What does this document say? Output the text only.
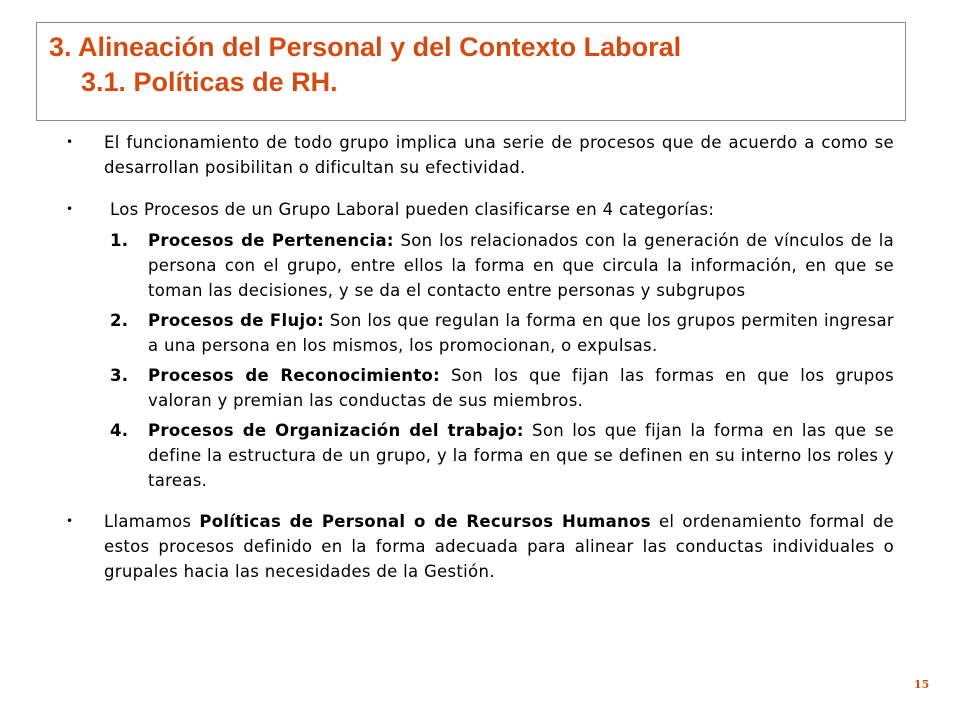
3. Alineación del Personal y del Contexto Laboral
3.1. Políticas de RH.
• El funcionamiento de todo grupo implica una serie de procesos que de acuerdo a como se desarrollan posibilitan o dificultan su efectividad.
• Los Procesos de un Grupo Laboral pueden clasificarse en 4 categorías:
1. Procesos de Pertenencia: Son los relacionados con la generación de vínculos de la persona con el grupo, entre ellos la forma en que circula la información, en que se toman las decisiones, y se da el contacto entre personas y subgrupos
2. Procesos de Flujo: Son los que regulan la forma en que los grupos permiten ingresar a una persona en los mismos, los promocionan, o expulsas.
3. Procesos de Reconocimiento: Son los que fijan las formas en que los grupos valoran y premian las conductas de sus miembros.
4. Procesos de Organización del trabajo: Son los que fijan la forma en las que se define la estructura de un grupo, y la forma en que se definen en su interno los roles y tareas.
• Llamamos Políticas de Personal o de Recursos Humanos el ordenamiento formal de estos procesos definido en la forma adecuada para alinear las conductas individuales o grupales hacia las necesidades de la Gestión.
15
